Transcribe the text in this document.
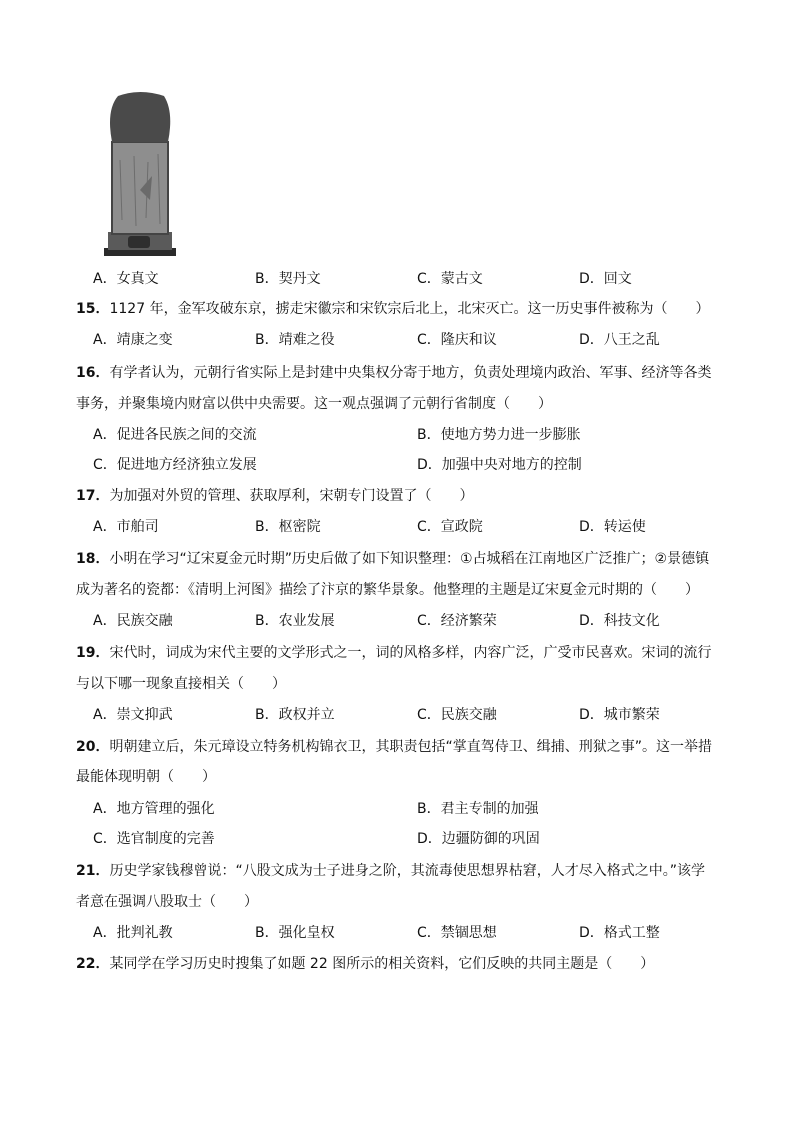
A．女真文	B．契丹文	C．蒙古文	D．回文
15．1127 年，金军攻破东京，掳走宋徽宗和宋钦宗后北上，北宋灭亡。这一历史事件被称为（　　）
A．靖康之变	B．靖难之役	C．隆庆和议	D．八王之乱
16．有学者认为，元朝行省实际上是封建中央集权分寄于地方，负责处理境内政治、军事、经济等各类
事务，并聚集境内财富以供中央需要。这一观点强调了元朝行省制度（　　）
A．促进各民族之间的交流	B．使地方势力进一步膨胀
C．促进地方经济独立发展	D．加强中央对地方的控制
17．为加强对外贸的管理、获取厚利，宋朝专门设置了（　　）
A．市舶司	B．枢密院	C．宣政院	D．转运使
18．小明在学习“辽宋夏金元时期”历史后做了如下知识整理：①占城稻在江南地区广泛推广；②景德镇
成为著名的瓷都：《清明上河图》描绘了汴京的繁华景象。他整理的主题是辽宋夏金元时期的（　　）
A．民族交融	B．农业发展	C．经济繁荣	D．科技文化
19．宋代时，词成为宋代主要的文学形式之一，词的风格多样，内容广泛，广受市民喜欢。宋词的流行
与以下哪一现象直接相关（　　）
A．崇文抑武	B．政权并立	C．民族交融	D．城市繁荣
20．明朝建立后，朱元璋设立特务机构锦衣卫，其职责包括“掌直驾侍卫、缉捕、刑狱之事”。这一举措
最能体现明朝（　　）
A．地方管理的强化	B．君主专制的加强
C．选官制度的完善	D．边疆防御的巩固
21．历史学家钱穆曾说：“八股文成为士子进身之阶，其流毒使思想界枯窘，人才尽入格式之中。”该学
者意在强调八股取士（　　）
A．批判礼教	B．强化皇权	C．禁锢思想	D．格式工整
22．某同学在学习历史时搜集了如题 22 图所示的相关资料，它们反映的共同主题是（　　）
